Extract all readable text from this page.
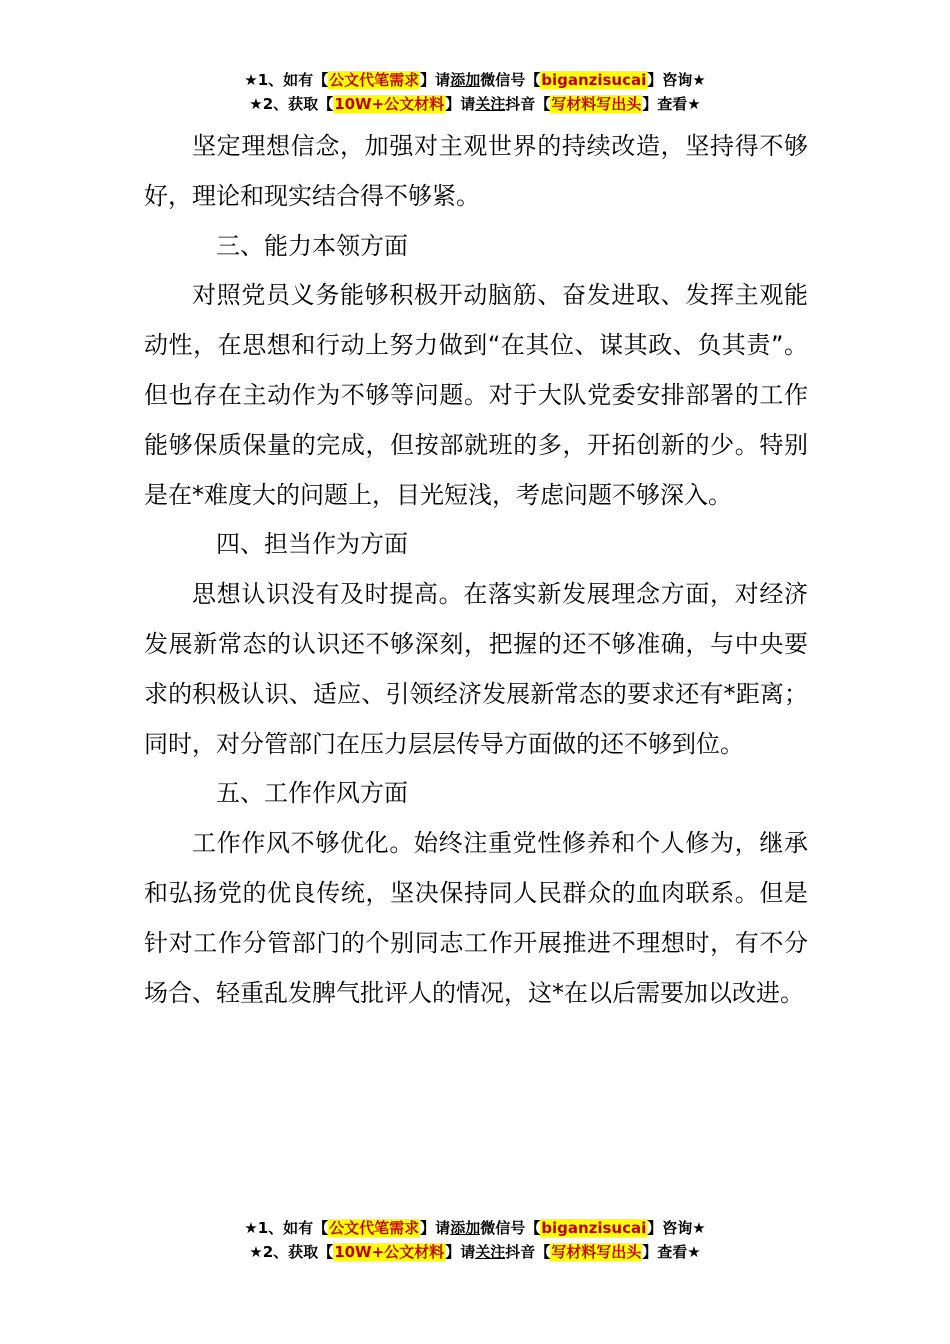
★1、如有【公文代笔需求】请添加微信号【biganzisucai】咨询★
★2、获取【10W+公文材料】请关注抖音【写材料写出头】查看★

坚定理想信念，加强对主观世界的持续改造，坚持得不够好，理论和现实结合得不够紧。

三、能力本领方面

对照党员义务能够积极开动脑筋、奋发进取、发挥主观能动性，在思想和行动上努力做到“在其位、谋其政、负其责”。但也存在主动作为不够等问题。对于大队党委安排部署的工作能够保质保量的完成，但按部就班的多，开拓创新的少。特别是在*难度大的问题上，目光短浅，考虑问题不够深入。

四、担当作为方面

思想认识没有及时提高。在落实新发展理念方面，对经济发展新常态的认识还不够深刻，把握的还不够准确，与中央要求的积极认识、适应、引领经济发展新常态的要求还有*距离；同时，对分管部门在压力层层传导方面做的还不够到位。

五、工作作风方面

工作作风不够优化。始终注重党性修养和个人修为，继承和弘扬党的优良传统，坚决保持同人民群众的血肉联系。但是针对工作分管部门的个别同志工作开展推进不理想时，有不分场合、轻重乱发脾气批评人的情况，这*在以后需要加以改进。

★1、如有【公文代笔需求】请添加微信号【biganzisucai】咨询★
★2、获取【10W+公文材料】请关注抖音【写材料写出头】查看★
